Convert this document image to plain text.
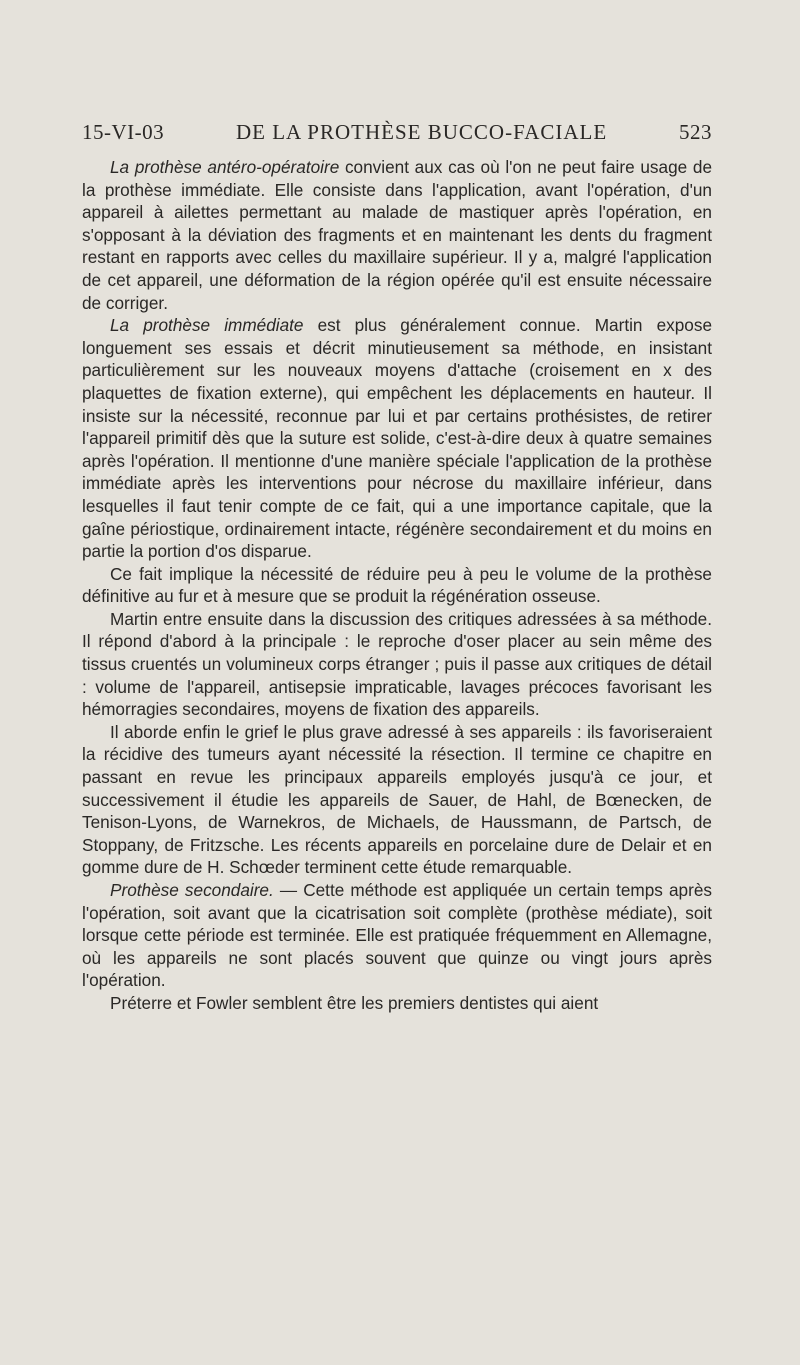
15-VI-03	DE LA PROTHÈSE BUCCO-FACIALE	523

La prothèse antéro-opératoire convient aux cas où l'on ne peut faire usage de la prothèse immédiate. Elle consiste dans l'application, avant l'opération, d'un appareil à ailettes permettant au malade de mastiquer après l'opération, en s'opposant à la déviation des fragments et en maintenant les dents du fragment restant en rapports avec celles du maxillaire supérieur. Il y a, malgré l'application de cet appareil, une déformation de la région opérée qu'il est ensuite nécessaire de corriger.

La prothèse immédiate est plus généralement connue. Martin expose longuement ses essais et décrit minutieusement sa méthode, en insistant particulièrement sur les nouveaux moyens d'attache (croisement en x des plaquettes de fixation externe), qui empêchent les déplacements en hauteur. Il insiste sur la nécessité, reconnue par lui et par certains prothésistes, de retirer l'appareil primitif dès que la suture est solide, c'est-à-dire deux à quatre semaines après l'opération. Il mentionne d'une manière spéciale l'application de la prothèse immédiate après les interventions pour nécrose du maxillaire inférieur, dans lesquelles il faut tenir compte de ce fait, qui a une importance capitale, que la gaîne périostique, ordinairement intacte, régénère secondairement et du moins en partie la portion d'os disparue.

Ce fait implique la nécessité de réduire peu à peu le volume de la prothèse définitive au fur et à mesure que se produit la régénération osseuse.

Martin entre ensuite dans la discussion des critiques adressées à sa méthode. Il répond d'abord à la principale : le reproche d'oser placer au sein même des tissus cruentés un volumineux corps étranger ; puis il passe aux critiques de détail : volume de l'appareil, antisepsie impraticable, lavages précoces favorisant les hémorragies secondaires, moyens de fixation des appareils.

Il aborde enfin le grief le plus grave adressé à ses appareils : ils favoriseraient la récidive des tumeurs ayant nécessité la résection. Il termine ce chapitre en passant en revue les principaux appareils employés jusqu'à ce jour, et successivement il étudie les appareils de Sauer, de Hahl, de Bœnecken, de Tenison-Lyons, de Warnekros, de Michaels, de Haussmann, de Partsch, de Stoppany, de Fritzsche. Les récents appareils en porcelaine dure de Delair et en gomme dure de H. Schœder terminent cette étude remarquable.

Prothèse secondaire. — Cette méthode est appliquée un certain temps après l'opération, soit avant que la cicatrisation soit complète (prothèse médiate), soit lorsque cette période est terminée. Elle est pratiquée fréquemment en Allemagne, où les appareils ne sont placés souvent que quinze ou vingt jours après l'opération.

Préterre et Fowler semblent être les premiers dentistes qui aient
